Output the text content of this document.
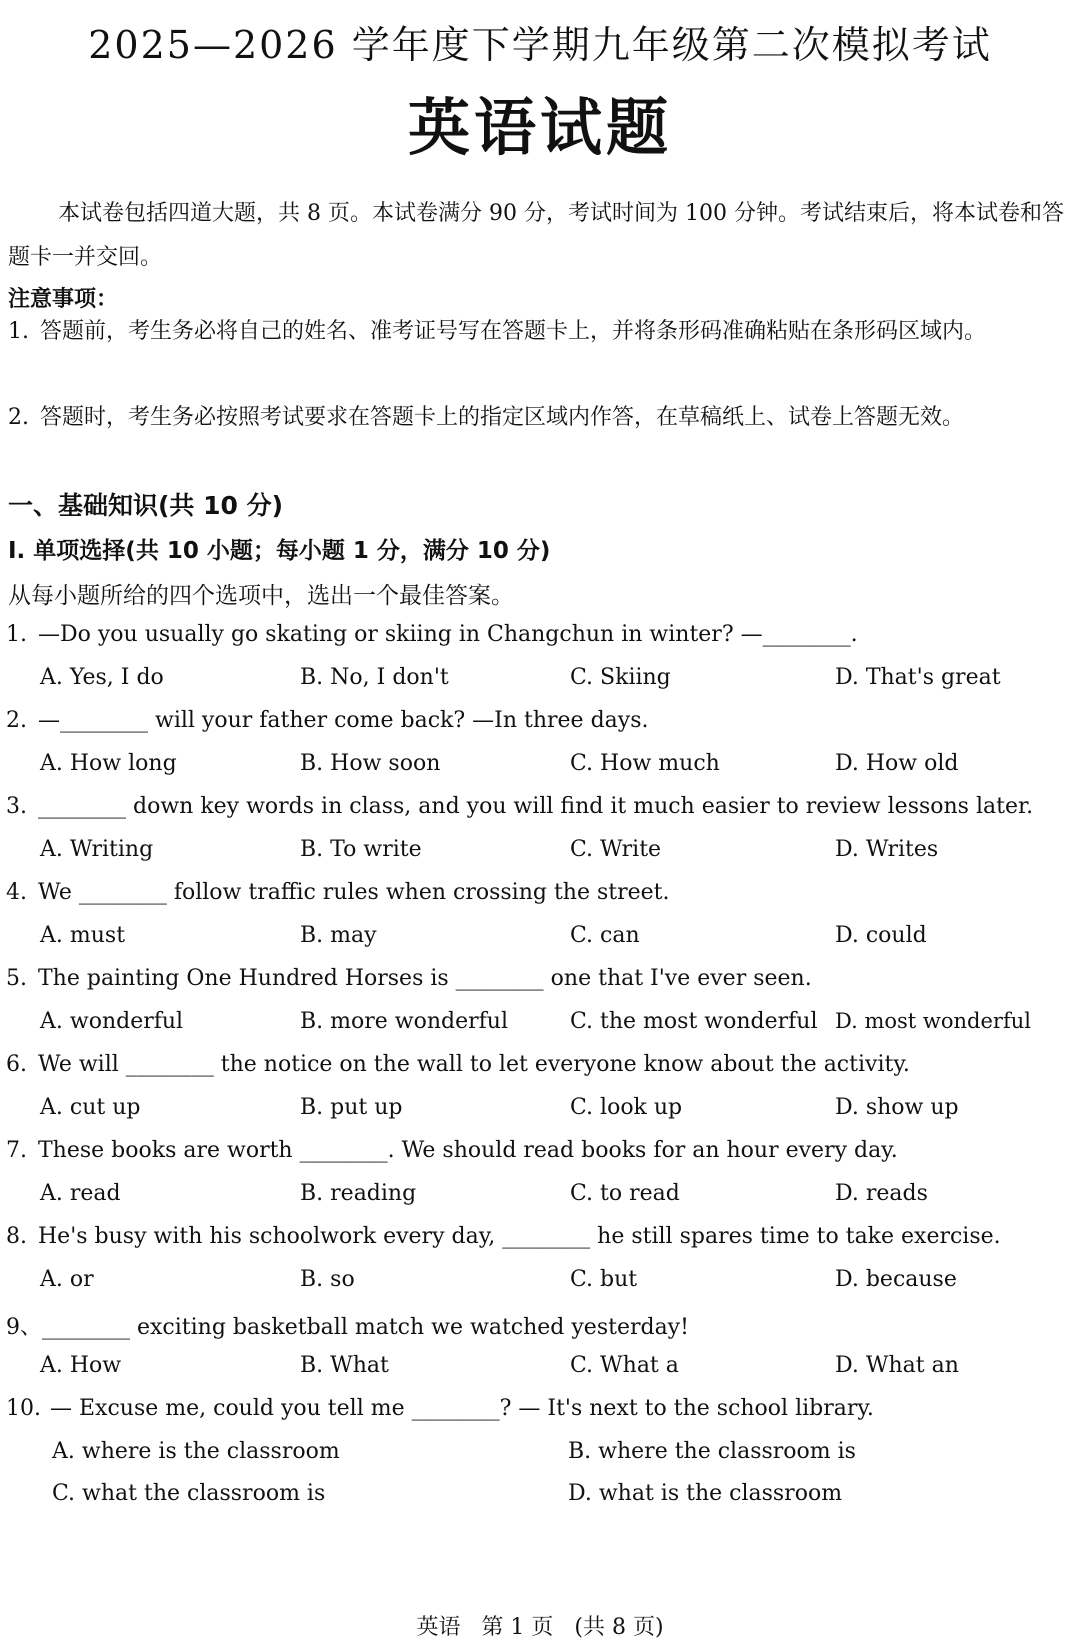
2025—2026 学年度下学期九年级第二次模拟考试
英语试题
本试卷包括四道大题，共 8 页。本试卷满分 90 分，考试时间为 100 分钟。考试结束后，将本试卷和答题卡一并交回。
注意事项：
1. 答题前，考生务必将自己的姓名、准考证号写在答题卡上，并将条形码准确粘贴在条形码区域内。
2. 答题时，考生务必按照考试要求在答题卡上的指定区域内作答，在草稿纸上、试卷上答题无效。
一、基础知识(共 10 分)
Ⅰ. 单项选择(共 10 小题；每小题 1 分，满分 10 分)
从每小题所给的四个选项中，选出一个最佳答案。
1. —Do you usually go skating or skiing in Changchun in winter? —________.
A. Yes, I do	B. No, I don't	C. Skiing	D. That's great
2. —________ will your father come back? —In three days.
A. How long	B. How soon	C. How much	D. How old
3. ________ down key words in class, and you will find it much easier to review lessons later.
A. Writing	B. To write	C. Write	D. Writes
4. We ________ follow traffic rules when crossing the street.
A. must	B. may	C. can	D. could
5. The painting One Hundred Horses is ________ one that I've ever seen.
A. wonderful	B. more wonderful	C. the most wonderful D. most wonderful
6. We will ________ the notice on the wall to let everyone know about the activity.
A. cut up	B. put up	C. look up	D. show up
7. These books are worth ________. We should read books for an hour every day.
A. read	B. reading	C. to read	D. reads
8. He's busy with his schoolwork every day, ________ he still spares time to take exercise.
A. or	B. so	C. but	D. because
9、________ exciting basketball match we watched yesterday!
A. How	B. What	C. What a	D. What an
10. — Excuse me, could you tell me ________? — It's next to the school library.
A. where is the classroom	B. where the classroom is
C. what the classroom is	D. what is the classroom
英语   第 1 页   (共 8 页)
